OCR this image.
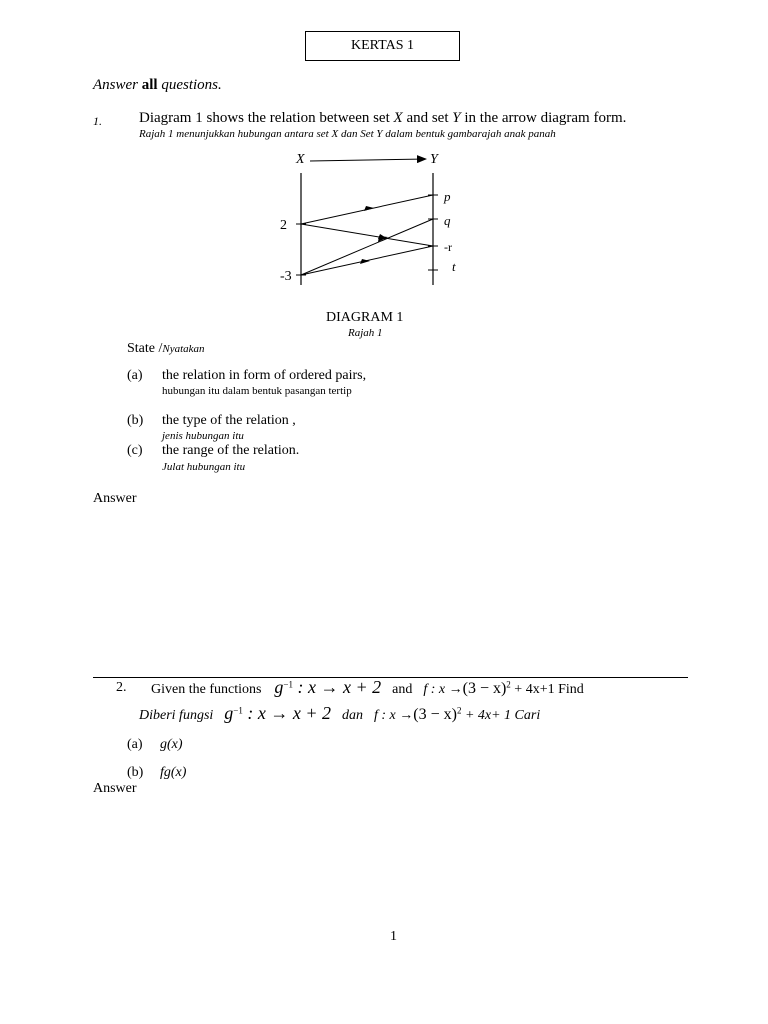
KERTAS 1
Answer all questions.
1. Diagram 1 shows the relation between set X and set Y in the arrow diagram form.
Rajah 1 menunjukkan hubungan antara set X dan Set Y dalam bentuk gambarajah anak panah
X	Y
2
-3
p
q
-r
t
DIAGRAM 1
Rajah 1
State /Nyatakan
(a) the relation in form of ordered pairs,
hubungan itu dalam bentuk pasangan tertip
(b) the type of the relation ,
jenis hubungan itu
(c) the range of the relation.
Julat hubungan itu
Answer
2. Given the functions $g^{-1}$ : x → x + 2 and f : $x \to(3 - x)^2 + 4x+1$ Find
Diberi fungsi $g^{-1}$ : x → x + 2 dan f : $x \to(3 - x)^2 + 4x+ 1$ Cari
(a) g(x)
(b) fg(x)
Answer
1
